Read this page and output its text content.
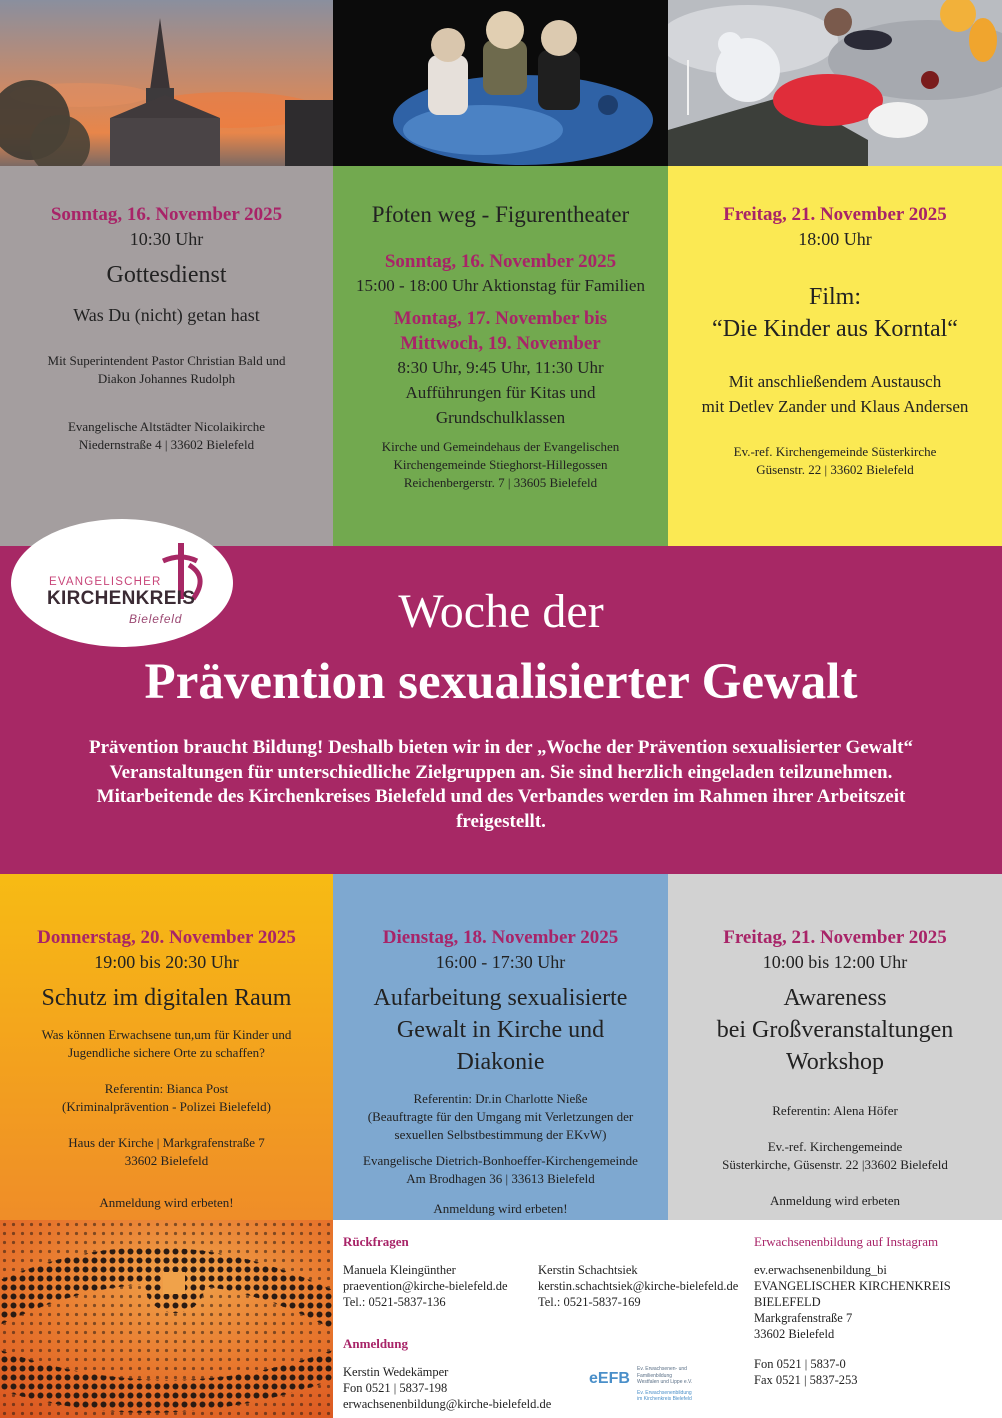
Sonntag, 16. November 2025
10:30 Uhr
Gottesdienst
Was Du (nicht) getan hast
Mit Superintendent Pastor Christian Bald und
Diakon Johannes Rudolph
Evangelische Altstädter Nicolaikirche
Niedernstraße 4 | 33602 Bielefeld
Pfoten weg - Figurentheater
Sonntag, 16. November 2025
15:00 - 18:00 Uhr Aktionstag für Familien
Montag, 17. November bis
Mittwoch, 19. November
8:30 Uhr, 9:45 Uhr, 11:30 Uhr
Aufführungen für Kitas und
Grundschulklassen
Kirche und Gemeindehaus der Evangelischen
Kirchengemeinde Stieghorst-Hillegossen
Reichenbergerstr. 7 | 33605 Bielefeld
Freitag, 21. November 2025
18:00 Uhr
Film:
“Die Kinder aus Korntal“
Mit anschließendem Austausch
mit Detlev Zander und Klaus Andersen
Ev.-ref. Kirchengemeinde Süsterkirche
Güsenstr. 22 | 33602 Bielefeld
Woche der
Prävention sexualisierter Gewalt
Prävention braucht Bildung! Deshalb bieten wir in der „Woche der Prävention sexualisierter Gewalt“
Veranstaltungen für unterschiedliche Zielgruppen an. Sie sind herzlich eingeladen teilzunehmen.
Mitarbeitende des Kirchenkreises Bielefeld und des Verbandes werden im Rahmen ihrer Arbeitszeit
freigestellt.
EVANGELISCHER
KIRCHENKREIS
Bielefeld
Donnerstag, 20. November 2025
19:00 bis 20:30 Uhr
Schutz im digitalen Raum
Was können Erwachsene tun,um für Kinder und
Jugendliche sichere Orte zu schaffen?
Referentin: Bianca Post
(Kriminalprävention - Polizei Bielefeld)
Haus der Kirche | Markgrafenstraße 7
33602 Bielefeld
Anmeldung wird erbeten!
Dienstag, 18. November 2025
16:00 - 17:30 Uhr
Aufarbeitung sexualisierte
Gewalt in Kirche und
Diakonie
Referentin: Dr.in Charlotte Nieße
(Beauftragte für den Umgang mit Verletzungen der
sexuellen Selbstbestimmung der EKvW)
Evangelische Dietrich-Bonhoeffer-Kirchengemeinde
Am Brodhagen 36 | 33613 Bielefeld
Anmeldung wird erbeten!
Freitag, 21. November 2025
10:00 bis 12:00 Uhr
Awareness
bei Großveranstaltungen
Workshop
Referentin: Alena Höfer
Ev.-ref. Kirchengemeinde
Süsterkirche, Güsenstr. 22 |33602 Bielefeld
Anmeldung wird erbeten
Rückfragen
Manuela Kleingünther
praevention@kirche-bielefeld.de
Tel.: 0521-5837-136
Kerstin Schachtsiek
kerstin.schachtsiek@kirche-bielefeld.de
Tel.: 0521-5837-169
Anmeldung
Kerstin Wedekämper
Fon 0521 | 5837-198
erwachsenenbildung@kirche-bielefeld.de
eEFB
Ev. Erwachsenen- und
Familienbildung
Westfalen und Lippe e.V.
Ev. Erwachsenenbildung
im Kirchenkreis Bielefeld
Erwachsenenbildung auf Instagram
ev.erwachsenenbildung_bi
EVANGELISCHER KIRCHENKREIS
BIELEFELD
Markgrafenstraße 7
33602 Bielefeld
Fon 0521 | 5837-0
Fax 0521 | 5837-253
